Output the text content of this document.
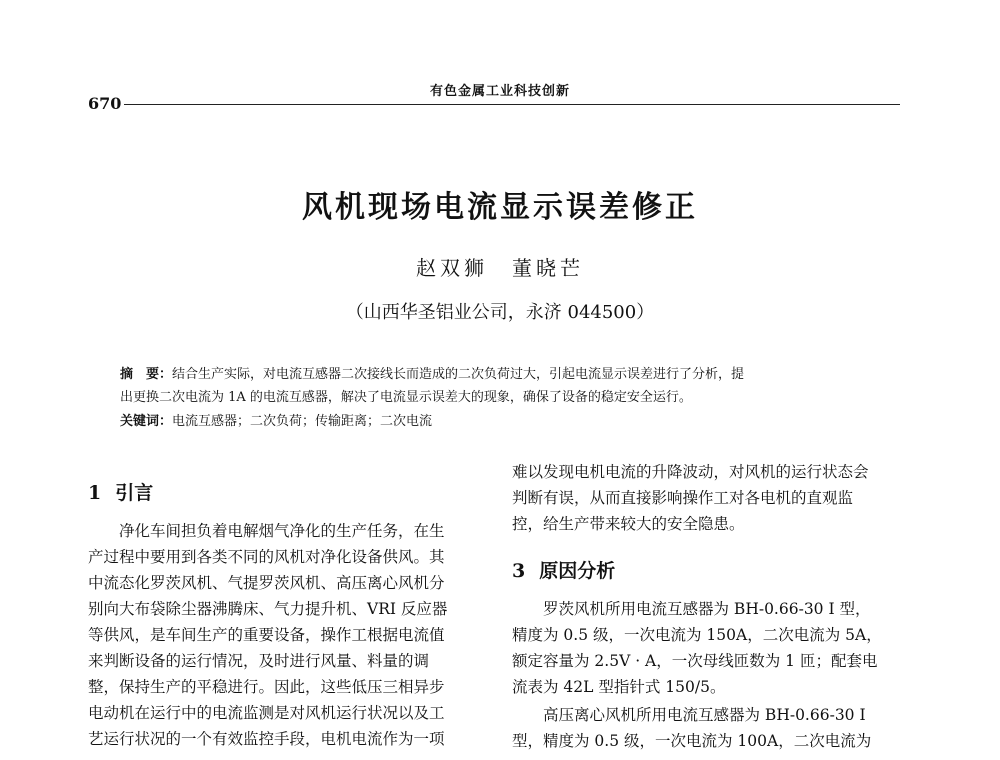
有色金属工业科技创新
670
风机现场电流显示误差修正
赵双狮　董晓芒
（山西华圣铝业公司，永济 044500）
摘　要：结合生产实际，对电流互感器二次接线长而造成的二次负荷过大，引起电流显示误差进行了分析，提
出更换二次电流为 1A 的电流互感器，解决了电流显示误差大的现象，确保了设备的稳定安全运行。
关键词：电流互感器；二次负荷；传输距离；二次电流
1 引言
　　净化车间担负着电解烟气净化的生产任务，在生
产过程中要用到各类不同的风机对净化设备供风。其
中流态化罗茨风机、气提罗茨风机、高压离心风机分
别向大布袋除尘器沸腾床、气力提升机、VRI 反应器
等供风，是车间生产的重要设备，操作工根据电流值
来判断设备的运行情况，及时进行风量、料量的调
整，保持生产的平稳进行。因此，这些低压三相异步
电动机在运行中的电流监测是对风机运行状况以及工
艺运行状况的一个有效监控手段，电机电流作为一项
难以发现电机电流的升降波动，对风机的运行状态会
判断有误，从而直接影响操作工对各电机的直观监
控，给生产带来较大的安全隐患。
3 原因分析
　　罗茨风机所用电流互感器为 BH-0.66-30 Ⅰ 型，
精度为 0.5 级，一次电流为 150A，二次电流为 5A，
额定容量为 2.5V · A，一次母线匝数为 1 匝；配套电
流表为 42L 型指针式 150/5。
　　高压离心风机所用电流互感器为 BH-0.66-30 Ⅰ
型，精度为 0.5 级，一次电流为 100A，二次电流为
